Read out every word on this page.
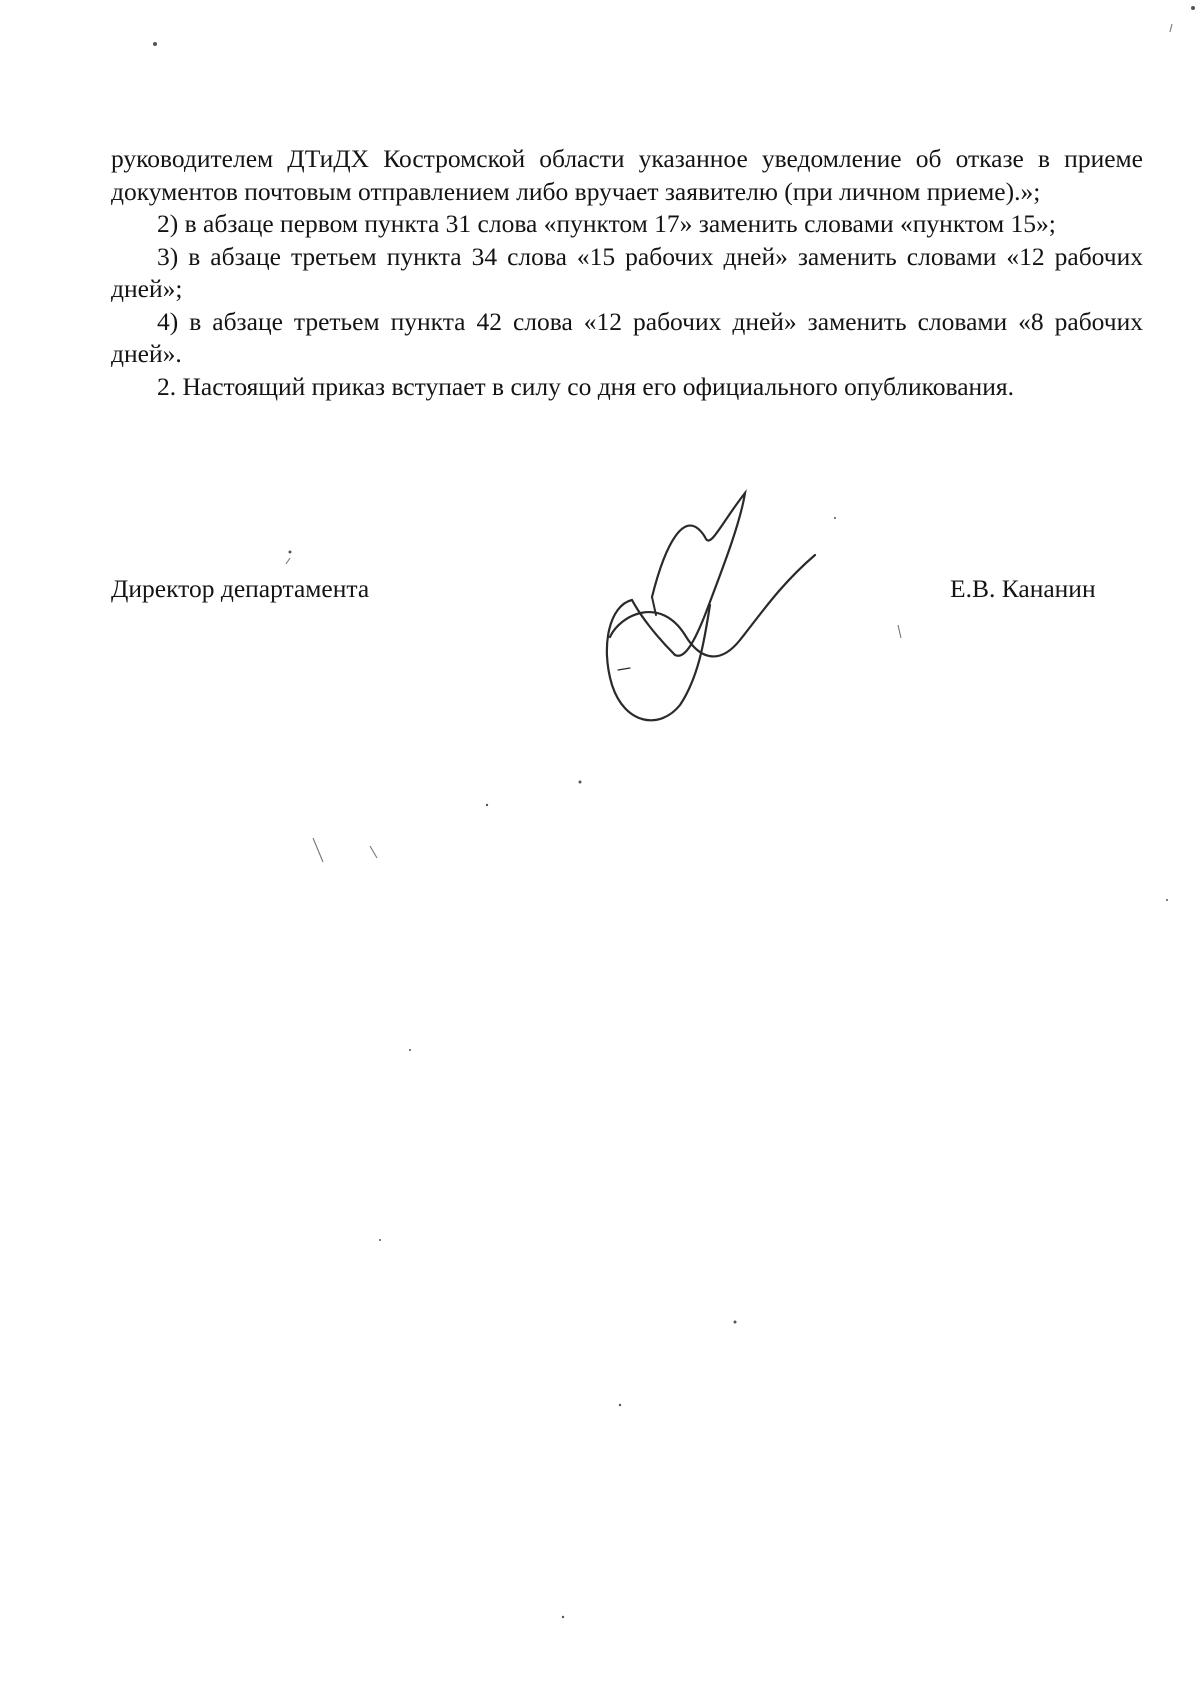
руководителем ДТиДХ Костромской области указанное уведомление об отказе в приеме документов почтовым отправлением либо вручает заявителю (при личном приеме).»;

2) в абзаце первом пункта 31 слова «пунктом 17» заменить словами «пунктом 15»;

3) в абзаце третьем пункта 34 слова «15 рабочих дней» заменить словами «12 рабочих дней»;

4) в абзаце третьем пункта 42 слова «12 рабочих дней» заменить словами «8 рабочих дней».

2. Настоящий приказ вступает в силу со дня его официального опубликования.

Директор департамента	Е.В. Кананин
